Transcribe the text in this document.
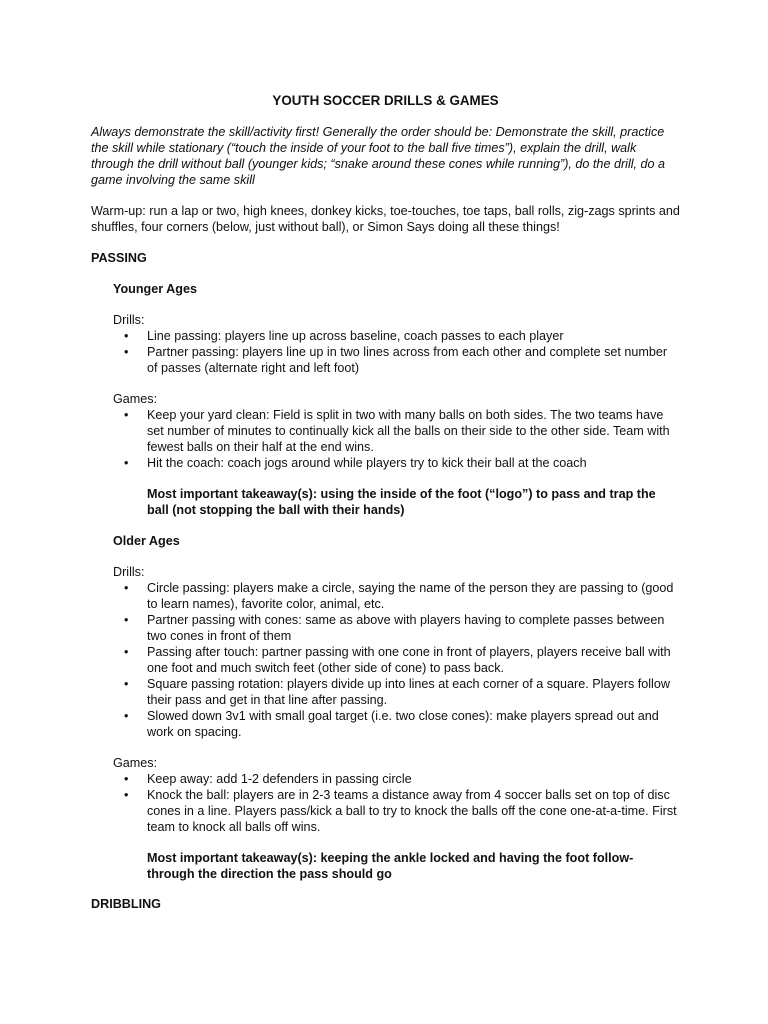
YOUTH SOCCER DRILLS & GAMES

Always demonstrate the skill/activity first! Generally the order should be: Demonstrate the skill, practice the skill while stationary (“touch the inside of your foot to the ball five times”), explain the drill, walk through the drill without ball (younger kids; “snake around these cones while running”), do the drill, do a game involving the same skill

Warm-up: run a lap or two, high knees, donkey kicks, toe-touches, toe taps, ball rolls, zig-zags sprints and shuffles, four corners (below, just without ball), or Simon Says doing all these things!

PASSING
Younger Ages
Drills:
• Line passing: players line up across baseline, coach passes to each player
• Partner passing: players line up in two lines across from each other and complete set number of passes (alternate right and left foot)
Games:
• Keep your yard clean: Field is split in two with many balls on both sides. The two teams have set number of minutes to continually kick all the balls on their side to the other side. Team with fewest balls on their half at the end wins.
• Hit the coach: coach jogs around while players try to kick their ball at the coach

Most important takeaway(s): using the inside of the foot (“logo”) to pass and trap the ball (not stopping the ball with their hands)

Older Ages
Drills:
• Circle passing: players make a circle, saying the name of the person they are passing to (good to learn names), favorite color, animal, etc.
• Partner passing with cones: same as above with players having to complete passes between two cones in front of them
• Passing after touch: partner passing with one cone in front of players, players receive ball with one foot and much switch feet (other side of cone) to pass back.
• Square passing rotation: players divide up into lines at each corner of a square. Players follow their pass and get in that line after passing.
• Slowed down 3v1 with small goal target (i.e. two close cones): make players spread out and work on spacing.
Games:
• Keep away: add 1-2 defenders in passing circle
• Knock the ball: players are in 2-3 teams a distance away from 4 soccer balls set on top of disc cones in a line. Players pass/kick a ball to try to knock the balls off the cone one-at-a-time. First team to knock all balls off wins.

Most important takeaway(s): keeping the ankle locked and having the foot follow-through the direction the pass should go

DRIBBLING
